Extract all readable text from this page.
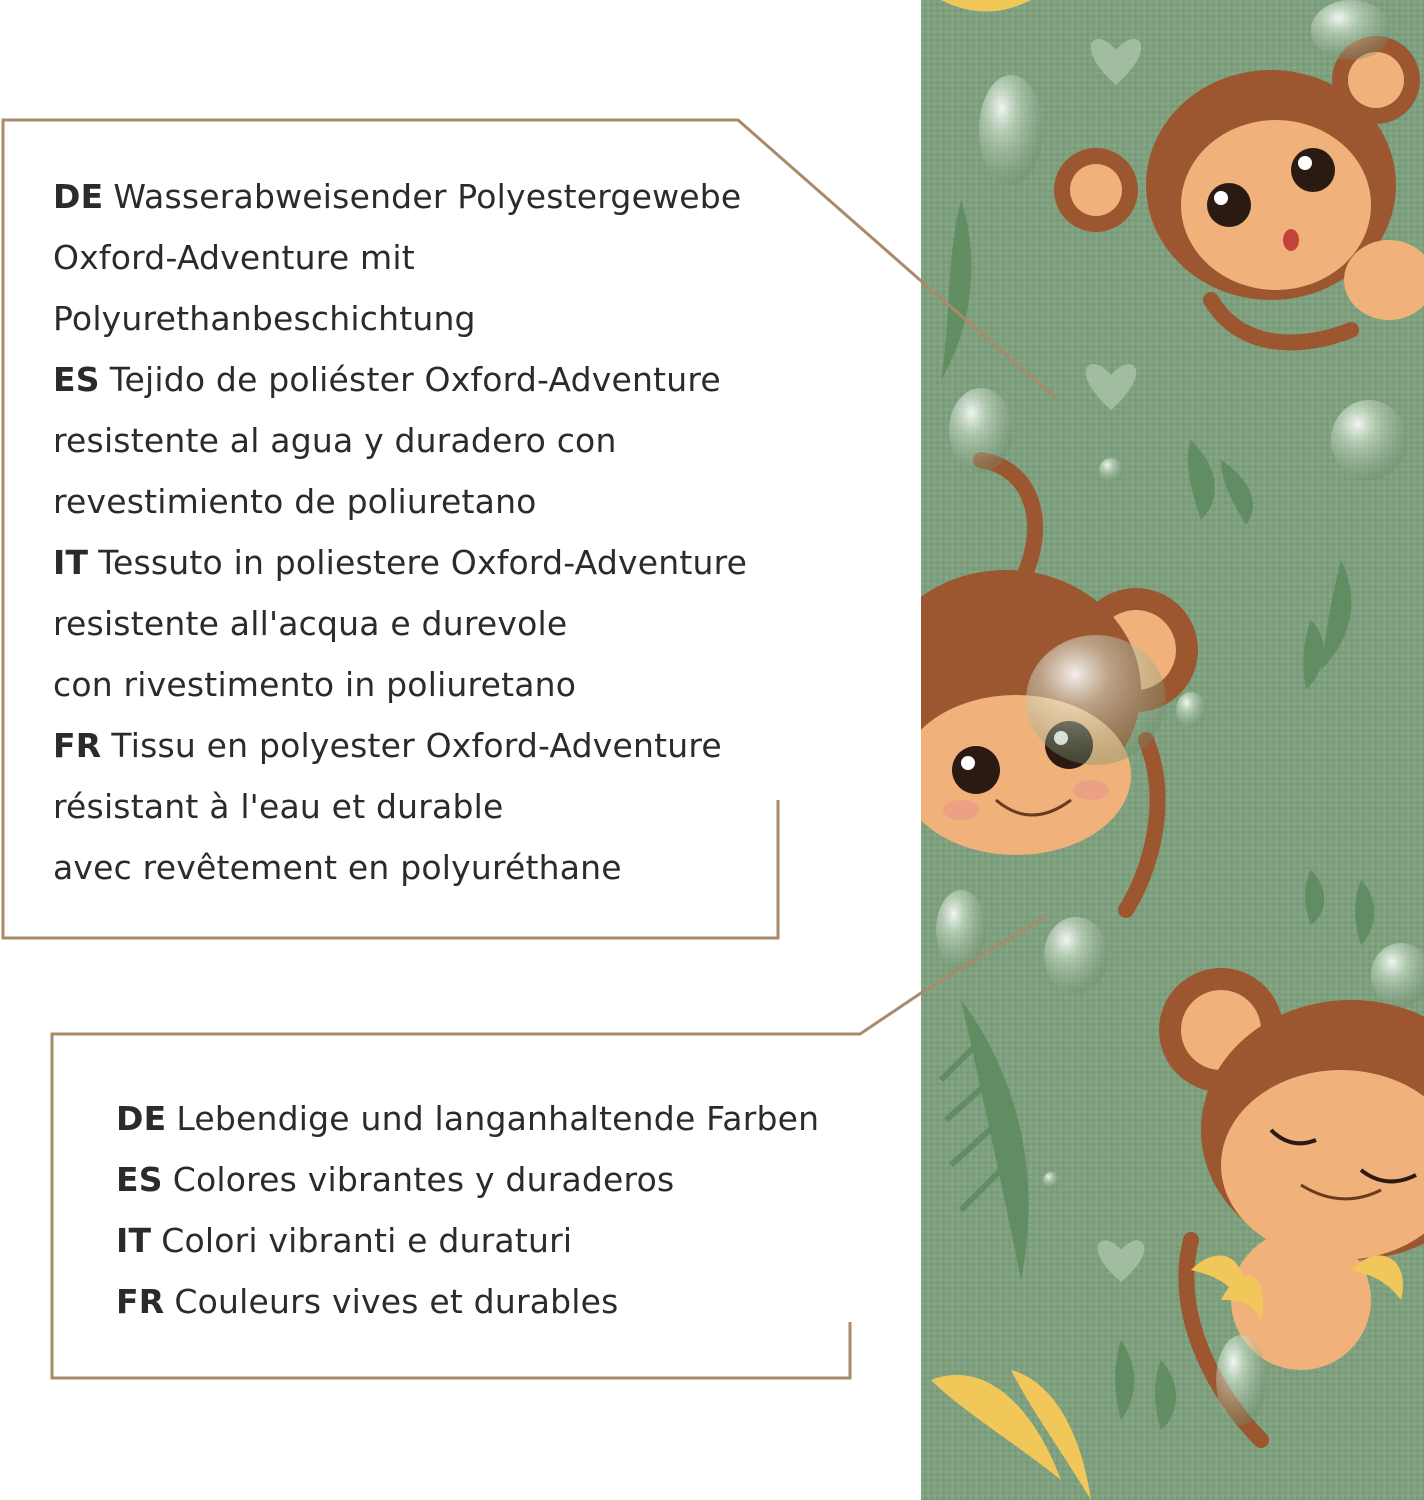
DE Wasserabweisender Polyestergewebe
Oxford-Adventure mit
Polyurethanbeschichtung
ES Tejido de poliéster Oxford-Adventure
resistente al agua y duradero con
revestimiento de poliuretano
IT Tessuto in poliestere Oxford-Adventure
resistente all'acqua e durevole
con rivestimento in poliuretano
FR Tissu en polyester Oxford-Adventure
résistant à l'eau et durable
avec revêtement en polyuréthane
DE Lebendige und langanhaltende Farben
ES Colores vibrantes y duraderos
IT Colori vibranti e duraturi
FR Couleurs vives et durables
